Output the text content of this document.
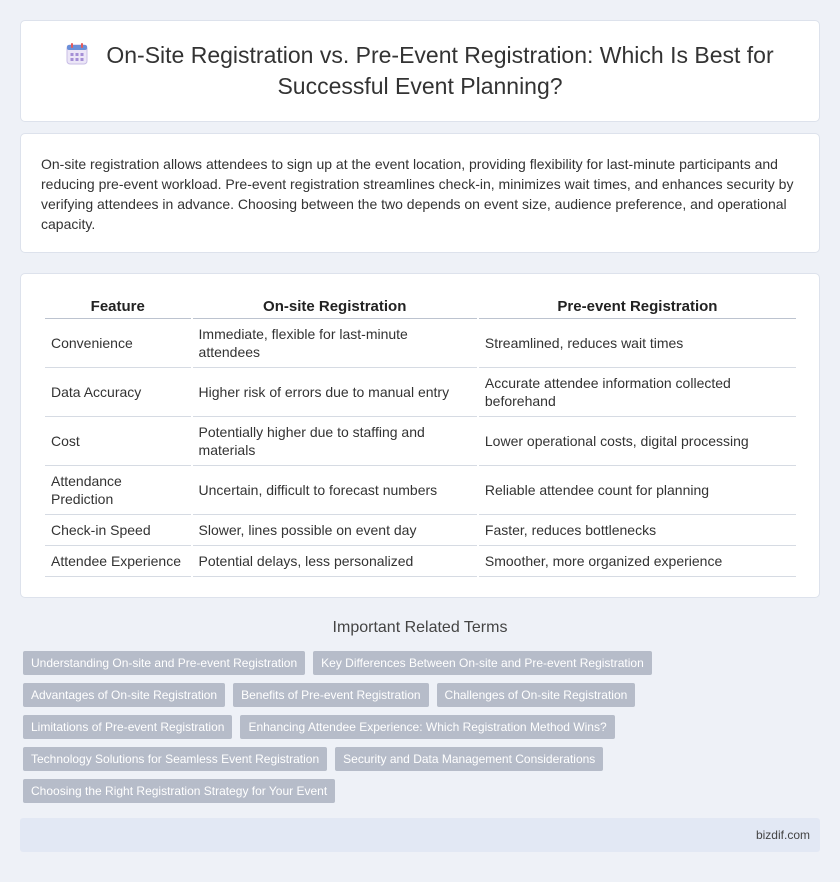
On-Site Registration vs. Pre-Event Registration: Which Is Best for Successful Event Planning?

On-site registration allows attendees to sign up at the event location, providing flexibility for last-minute participants and reducing pre-event workload. Pre-event registration streamlines check-in, minimizes wait times, and enhances security by verifying attendees in advance. Choosing between the two depends on event size, audience preference, and operational capacity.

Feature	On-site Registration	Pre-event Registration
Convenience	Immediate, flexible for last-minute attendees	Streamlined, reduces wait times
Data Accuracy	Higher risk of errors due to manual entry	Accurate attendee information collected beforehand
Cost	Potentially higher due to staffing and materials	Lower operational costs, digital processing
Attendance Prediction	Uncertain, difficult to forecast numbers	Reliable attendee count for planning
Check-in Speed	Slower, lines possible on event day	Faster, reduces bottlenecks
Attendee Experience	Potential delays, less personalized	Smoother, more organized experience
Important Related Terms
Understanding On-site and Pre-event Registration	Key Differences Between On-site and Pre-event Registration
Advantages of On-site Registration	Benefits of Pre-event Registration	Challenges of On-site Registration
Limitations of Pre-event Registration	Enhancing Attendee Experience: Which Registration Method Wins?
Technology Solutions for Seamless Event Registration	Security and Data Management Considerations
Choosing the Right Registration Strategy for Your Event
bizdif.com
